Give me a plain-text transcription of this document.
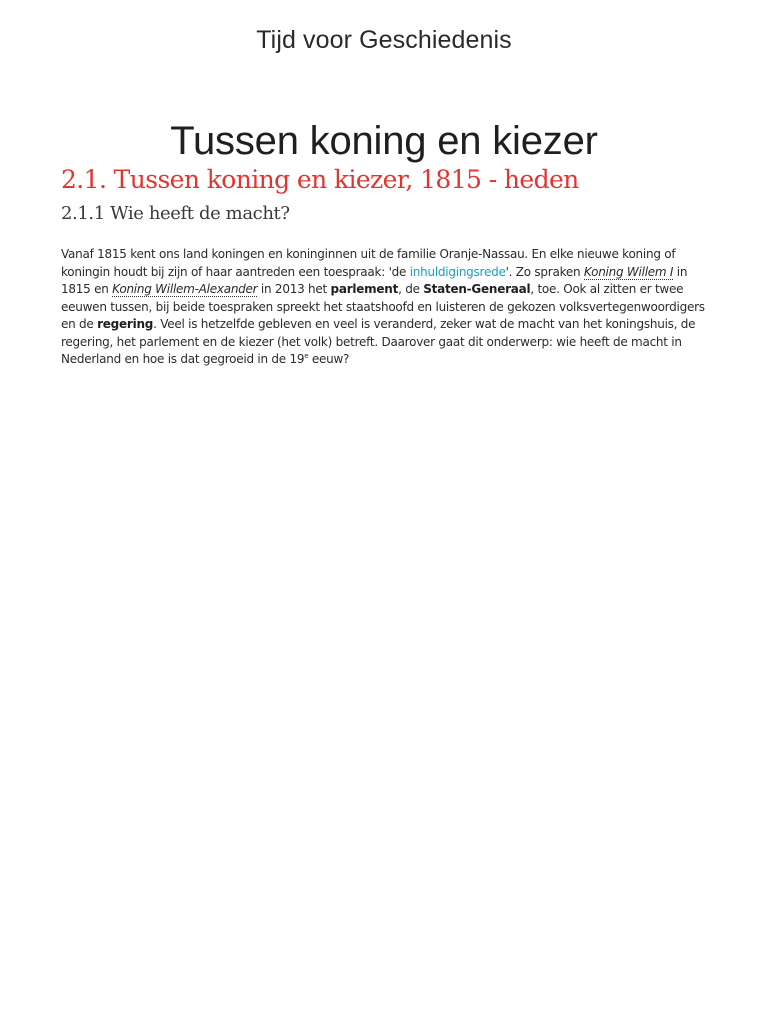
Tijd voor Geschiedenis
Tussen koning en kiezer
2.1. Tussen koning en kiezer, 1815 - heden
2.1.1 Wie heeft de macht?

Vanaf 1815 kent ons land koningen en koninginnen uit de familie Oranje-Nassau. En elke nieuwe koning of koningin houdt bij zijn of haar aantreden een toespraak: 'de inhuldigingsrede'. Zo spraken Koning Willem I in 1815 en Koning Willem-Alexander in 2013 het parlement, de Staten-Generaal, toe. Ook al zitten er twee eeuwen tussen, bij beide toespraken spreekt het staatshoofd en luisteren de gekozen volksvertegenwoordigers en de regering. Veel is hetzelfde gebleven en veel is veranderd, zeker wat de macht van het koningshuis, de regering, het parlement en de kiezer (het volk) betreft. Daarover gaat dit onderwerp: wie heeft de macht in Nederland en hoe is dat gegroeid in de 19e eeuw?
